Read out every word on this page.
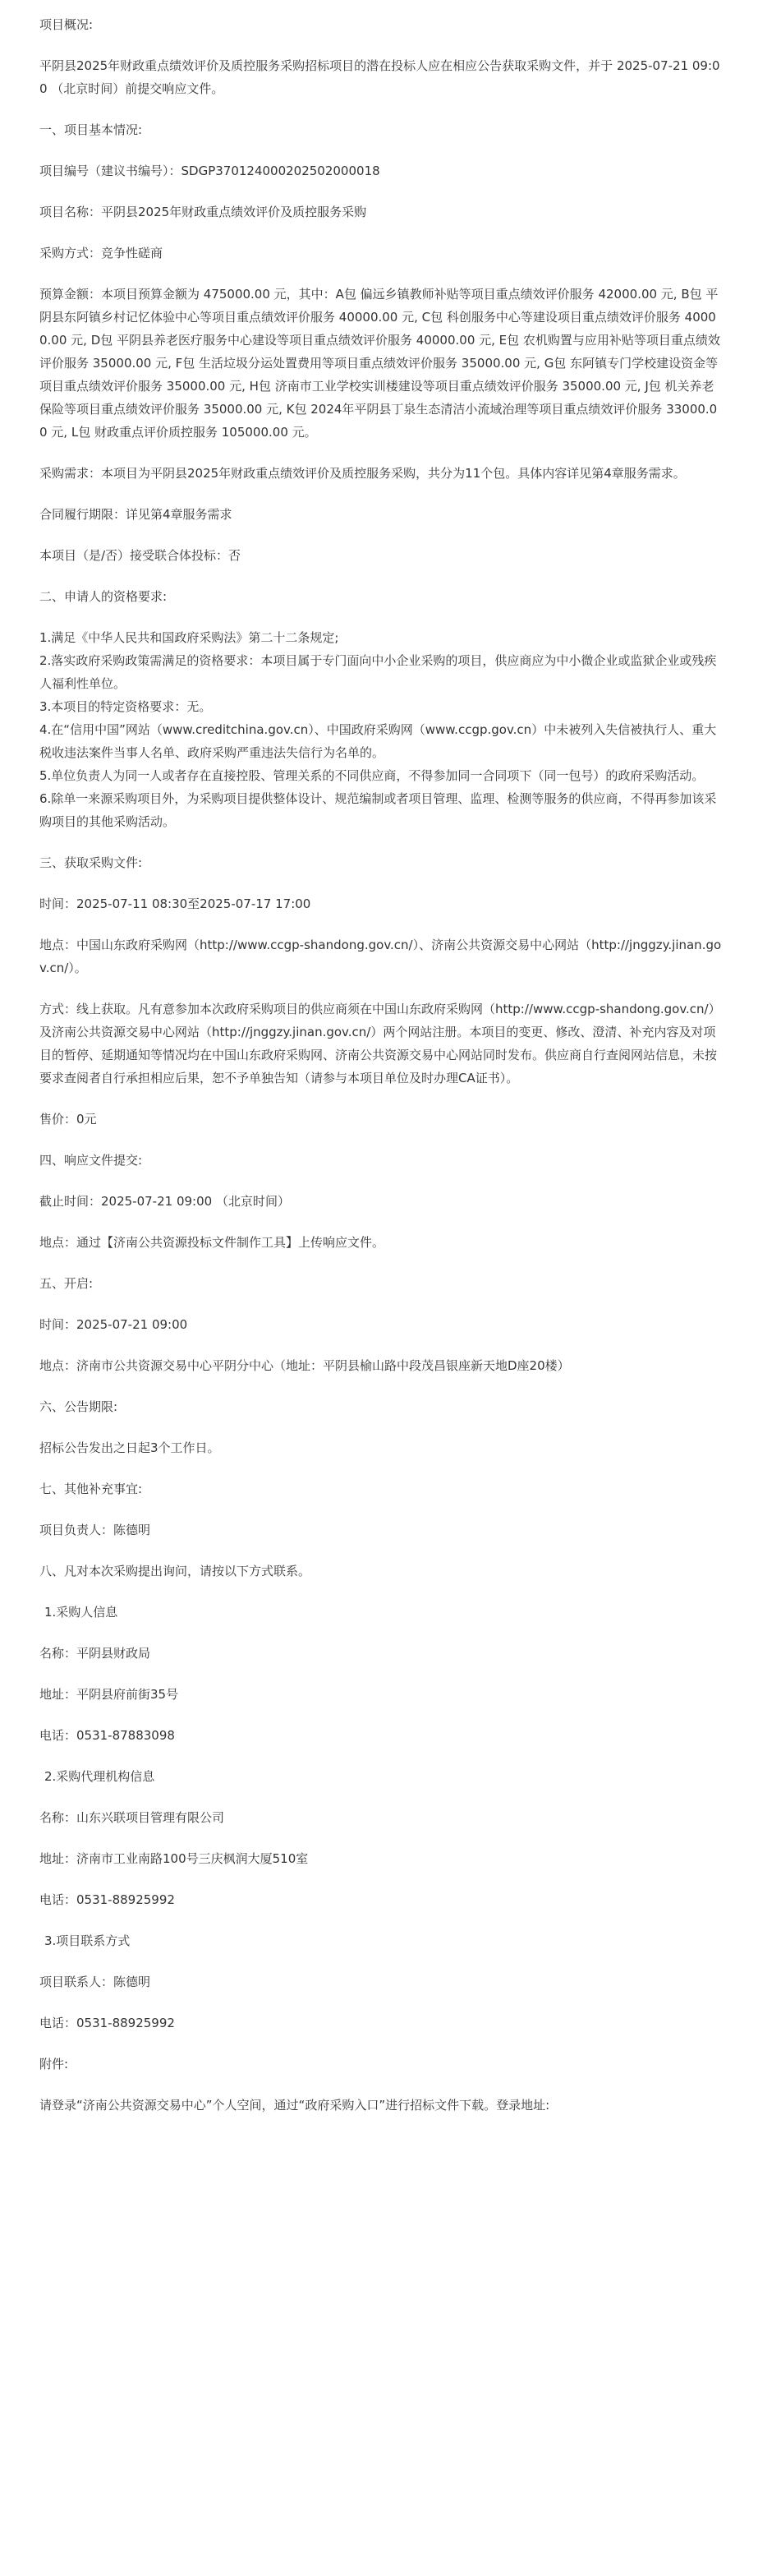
项目概况:

平阴县2025年财政重点绩效评价及质控服务采购招标项目的潜在投标人应在相应公告获取采购文件，并于 2025-07-21 09:00 （北京时间）前提交响应文件。

一、项目基本情况:

项目编号（建议书编号）：SDGP370124000202502000018

项目名称：平阴县2025年财政重点绩效评价及质控服务采购

采购方式：竞争性磋商

预算金额：本项目预算金额为 475000.00 元，其中：A包 偏远乡镇教师补贴等项目重点绩效评价服务 42000.00 元, B包 平阴县东阿镇乡村记忆体验中心等项目重点绩效评价服务 40000.00 元, C包 科创服务中心等建设项目重点绩效评价服务 40000.00 元, D包 平阴县养老医疗服务中心建设等项目重点绩效评价服务 40000.00 元, E包 农机购置与应用补贴等项目重点绩效评价服务 35000.00 元, F包 生活垃圾分运处置费用等项目重点绩效评价服务 35000.00 元, G包 东阿镇专门学校建设资金等项目重点绩效评价服务 35000.00 元, H包 济南市工业学校实训楼建设等项目重点绩效评价服务 35000.00 元, J包 机关养老保险等项目重点绩效评价服务 35000.00 元, K包 2024年平阴县丁泉生态清洁小流域治理等项目重点绩效评价服务 33000.00 元, L包 财政重点评价质控服务 105000.00 元。

采购需求：本项目为平阴县2025年财政重点绩效评价及质控服务采购，共分为11个包。具体内容详见第4章服务需求。

合同履行期限：详见第4章服务需求

本项目（是/否）接受联合体投标：否

二、申请人的资格要求:

1.满足《中华人民共和国政府采购法》第二十二条规定;

2.落实政府采购政策需满足的资格要求：本项目属于专门面向中小企业采购的项目，供应商应为中小微企业或监狱企业或残疾人福利性单位。

3.本项目的特定资格要求：无。

4.在“信用中国”网站（www.creditchina.gov.cn）、中国政府采购网（www.ccgp.gov.cn）中未被列入失信被执行人、重大税收违法案件当事人名单、政府采购严重违法失信行为名单的。

5.单位负责人为同一人或者存在直接控股、管理关系的不同供应商，不得参加同一合同项下（同一包号）的政府采购活动。

6.除单一来源采购项目外，为采购项目提供整体设计、规范编制或者项目管理、监理、检测等服务的供应商，不得再参加该采购项目的其他采购活动。

三、获取采购文件:

时间：2025-07-11 08:30至2025-07-17 17:00

地点：中国山东政府采购网（http://www.ccgp-shandong.gov.cn/）、济南公共资源交易中心网站（http://jnggzy.jinan.gov.cn/）。

方式：线上获取。凡有意参加本次政府采购项目的供应商须在中国山东政府采购网（http://www.ccgp-shandong.gov.cn/）及济南公共资源交易中心网站（http://jnggzy.jinan.gov.cn/）两个网站注册。本项目的变更、修改、澄清、补充内容及对项目的暂停、延期通知等情况均在中国山东政府采购网、济南公共资源交易中心网站同时发布。供应商自行查阅网站信息，未按要求查阅者自行承担相应后果，恕不予单独告知（请参与本项目单位及时办理CA证书）。

售价：0元

四、响应文件提交:

截止时间：2025-07-21 09:00 （北京时间）

地点：通过【济南公共资源投标文件制作工具】上传响应文件。

五、开启:

时间：2025-07-21 09:00

地点：济南市公共资源交易中心平阴分中心（地址：平阴县榆山路中段茂昌银座新天地D座20楼）

六、公告期限:

招标公告发出之日起3个工作日。

七、其他补充事宜:

项目负责人：陈德明

八、凡对本次采购提出询问，请按以下方式联系。

1.采购人信息

名称：平阴县财政局

地址：平阴县府前街35号

电话：0531-87883098

2.采购代理机构信息

名称：山东兴联项目管理有限公司

地址：济南市工业南路100号三庆枫润大厦510室

电话：0531-88925992

3.项目联系方式

项目联系人：陈德明

电话：0531-88925992

附件:

请登录“济南公共资源交易中心”个人空间，通过“政府采购入口”进行招标文件下载。登录地址:
